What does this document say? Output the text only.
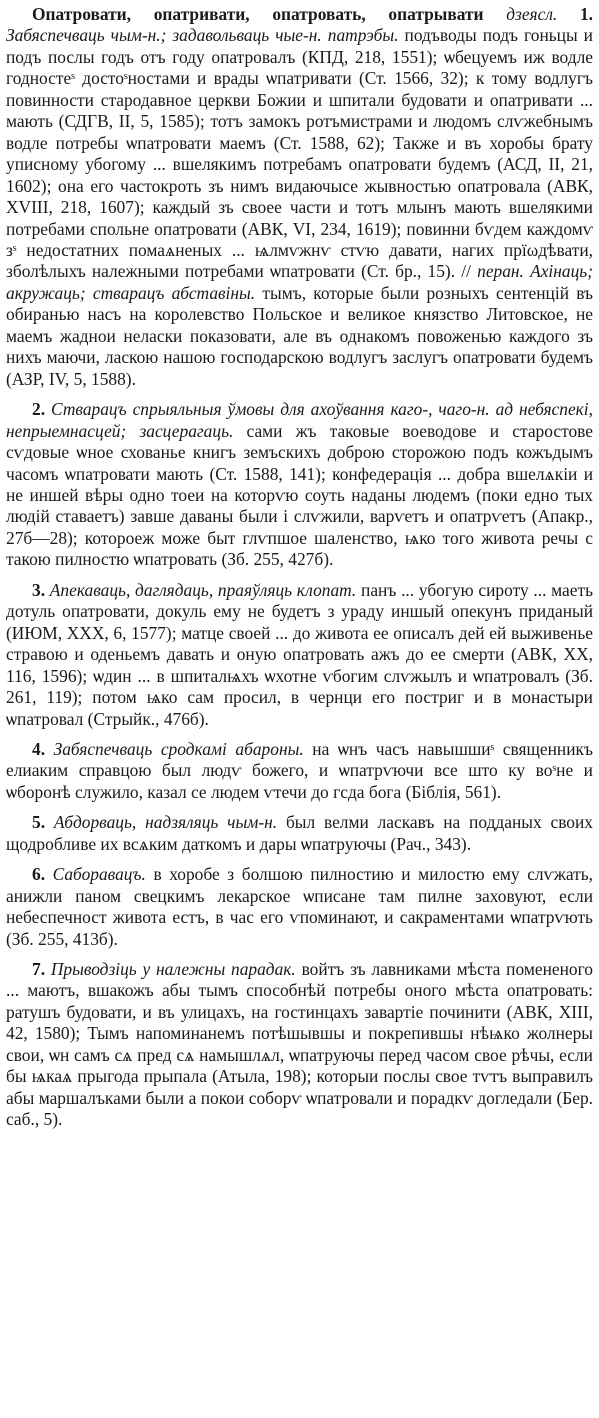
Опатровати, опатривати, опатровать, опатрывати дзеясл. 1. Забяспечваць чым-н.; задавольваць чые-н. патрэбы. подъводы подъ гоньцы и подъ послы годъ отъ году опатровалъ (КПД, 218, 1551); ѡбецуемъ иж водле годностеˢ достоˢностами и врады ѡпатривати (Ст. 1566, 32); к тому водлугъ повинности стародавное церкви Божии и шпитали будовати и опатривати ... мають (СДГВ, II, 5, 1585); тотъ замокъ ротъмистрами и людомъ слѵжебнымъ водле потребы ѡпатровати маемъ (Ст. 1588, 62); Также и въ хоробы брату уписному убогому ... вшелякимъ потребамъ опатровати будемъ (АСД, II, 21, 1602); она его частокроть зъ нимъ видаючысе жывностью опатровала (АВК, XVIII, 218, 1607); каждый зъ своее части и тотъ млынъ мають вшелякими потребами спольне опатровати (АВК, VI, 234, 1619); повинни бѵдем каждомѵ зˢ недостатних помаѧненых ... ѩлмѵжнѵ стѵю давати, нагих прїωдѣвати, зболѣлыхъ належными потребами ѡпатровати (Ст. бр., 15). // перан. Ахінаць; акружаць; стварацъ абставіны. тымъ, которые были розныхъ сентенцій въ обиранью насъ на королевство Польское и великое князство Литовское, не маемъ жаднои неласки показовати, але въ однакомъ повоженью каждого зъ нихъ маючи, ласкою нашою господарскою водлугъ заслугъ опатровати будемъ (АЗР, IV, 5, 1588).

2. Стварацъ спрыяльныя ўмовы для ахоўвання каго-, чаго-н. ад небяспекі, непрыемнасцей; засцерагаць. сами жъ таковые воеводове и старостове сѵдовые ѡное схованье книгъ земъскихъ доброю сторожою подъ кожъдымъ часомъ ѡпатровати мають (Ст. 1588, 141); конфедерація ... добра вшелѧкіи и не иншей вѣры одно тоеи на которѵю соуть наданы людемъ (поки едно тых людій ставаетъ) завше даваны были і слѵжили, варѵетъ и опатрѵетъ (Апакр., 27б—28); котороеж може быт глѵпшое шаленство, ѩко того живота речы с такою пилностю ѡпатровать (Зб. 255, 427б).

3. Апекаваць, даглядаць, праяўляць клопат. панъ ... убогую сироту ... маеть дотуль опатровати, докуль ему не будетъ з ураду иншый опекунъ приданый (ИЮМ, XXX, 6, 1577); матце своей ... до живота ее описалъ дей ей выживенье стравою и оденьемъ давать и оную опатровать ажъ до ее смерти (АВК, XX, 116, 1596); ѡдин ... в шпиталѩхъ ѡхотне ѵбогим слѵжылъ и ѡпатровалъ (Зб. 261, 119); потом ѩко сам просил, в чернци его постриг и в монастыри ѡпатровал (Стрыйк., 476б).

4. Забяспечваць сродкамі абароны. на ѡнъ часъ навышшиˢ священникъ елиаким справцою был людѵ божего, и ѡпатрѵючи все што ку воˢне и ѡборонѣ служило, казал се людем ѵтечи до гсда бога (Біблія, 561).

5. Абдорваць, надзяляць чым-н. был велми ласкавъ на подданых своих щодробливе их всѧким даткомъ и дары ѡпатруючы (Рач., 343).

6. Саборавацъ. в хоробе з болшою пилностию и милостю ему слѵжать, анижли паном свецкимъ лекарское ѡписане там пилне заховуют, если небеспечност живота естъ, в час его ѵпоминают, и сакраментами ѡпатрѵють (Зб. 255, 413б).

7. Прыводзіць у належны парадак. войтъ зъ лавниками мѣста помененого ... маютъ, вшакожъ абы тымъ способнѣй потребы оного мѣста опатровать: ратушъ будовати, и въ улицахъ, на гостинцахъ завартіе починити (АВК, XIII, 42, 1580); Тымъ напоминанемъ потѣшывшы и покрепившы нѣѩко жолнеры свои, ѡн самъ сѧ пред сѧ намышлѧл, ѡпатруючы перед часом свое рѣчы, если бы ѩкаѧ прыгода прыпала (Атыла, 198); которыи послы свое тѵтъ выправилъ абы маршалъками были а покои соборѵ ѡпатровали и порадкѵ догледали (Бер. саб., 5).
